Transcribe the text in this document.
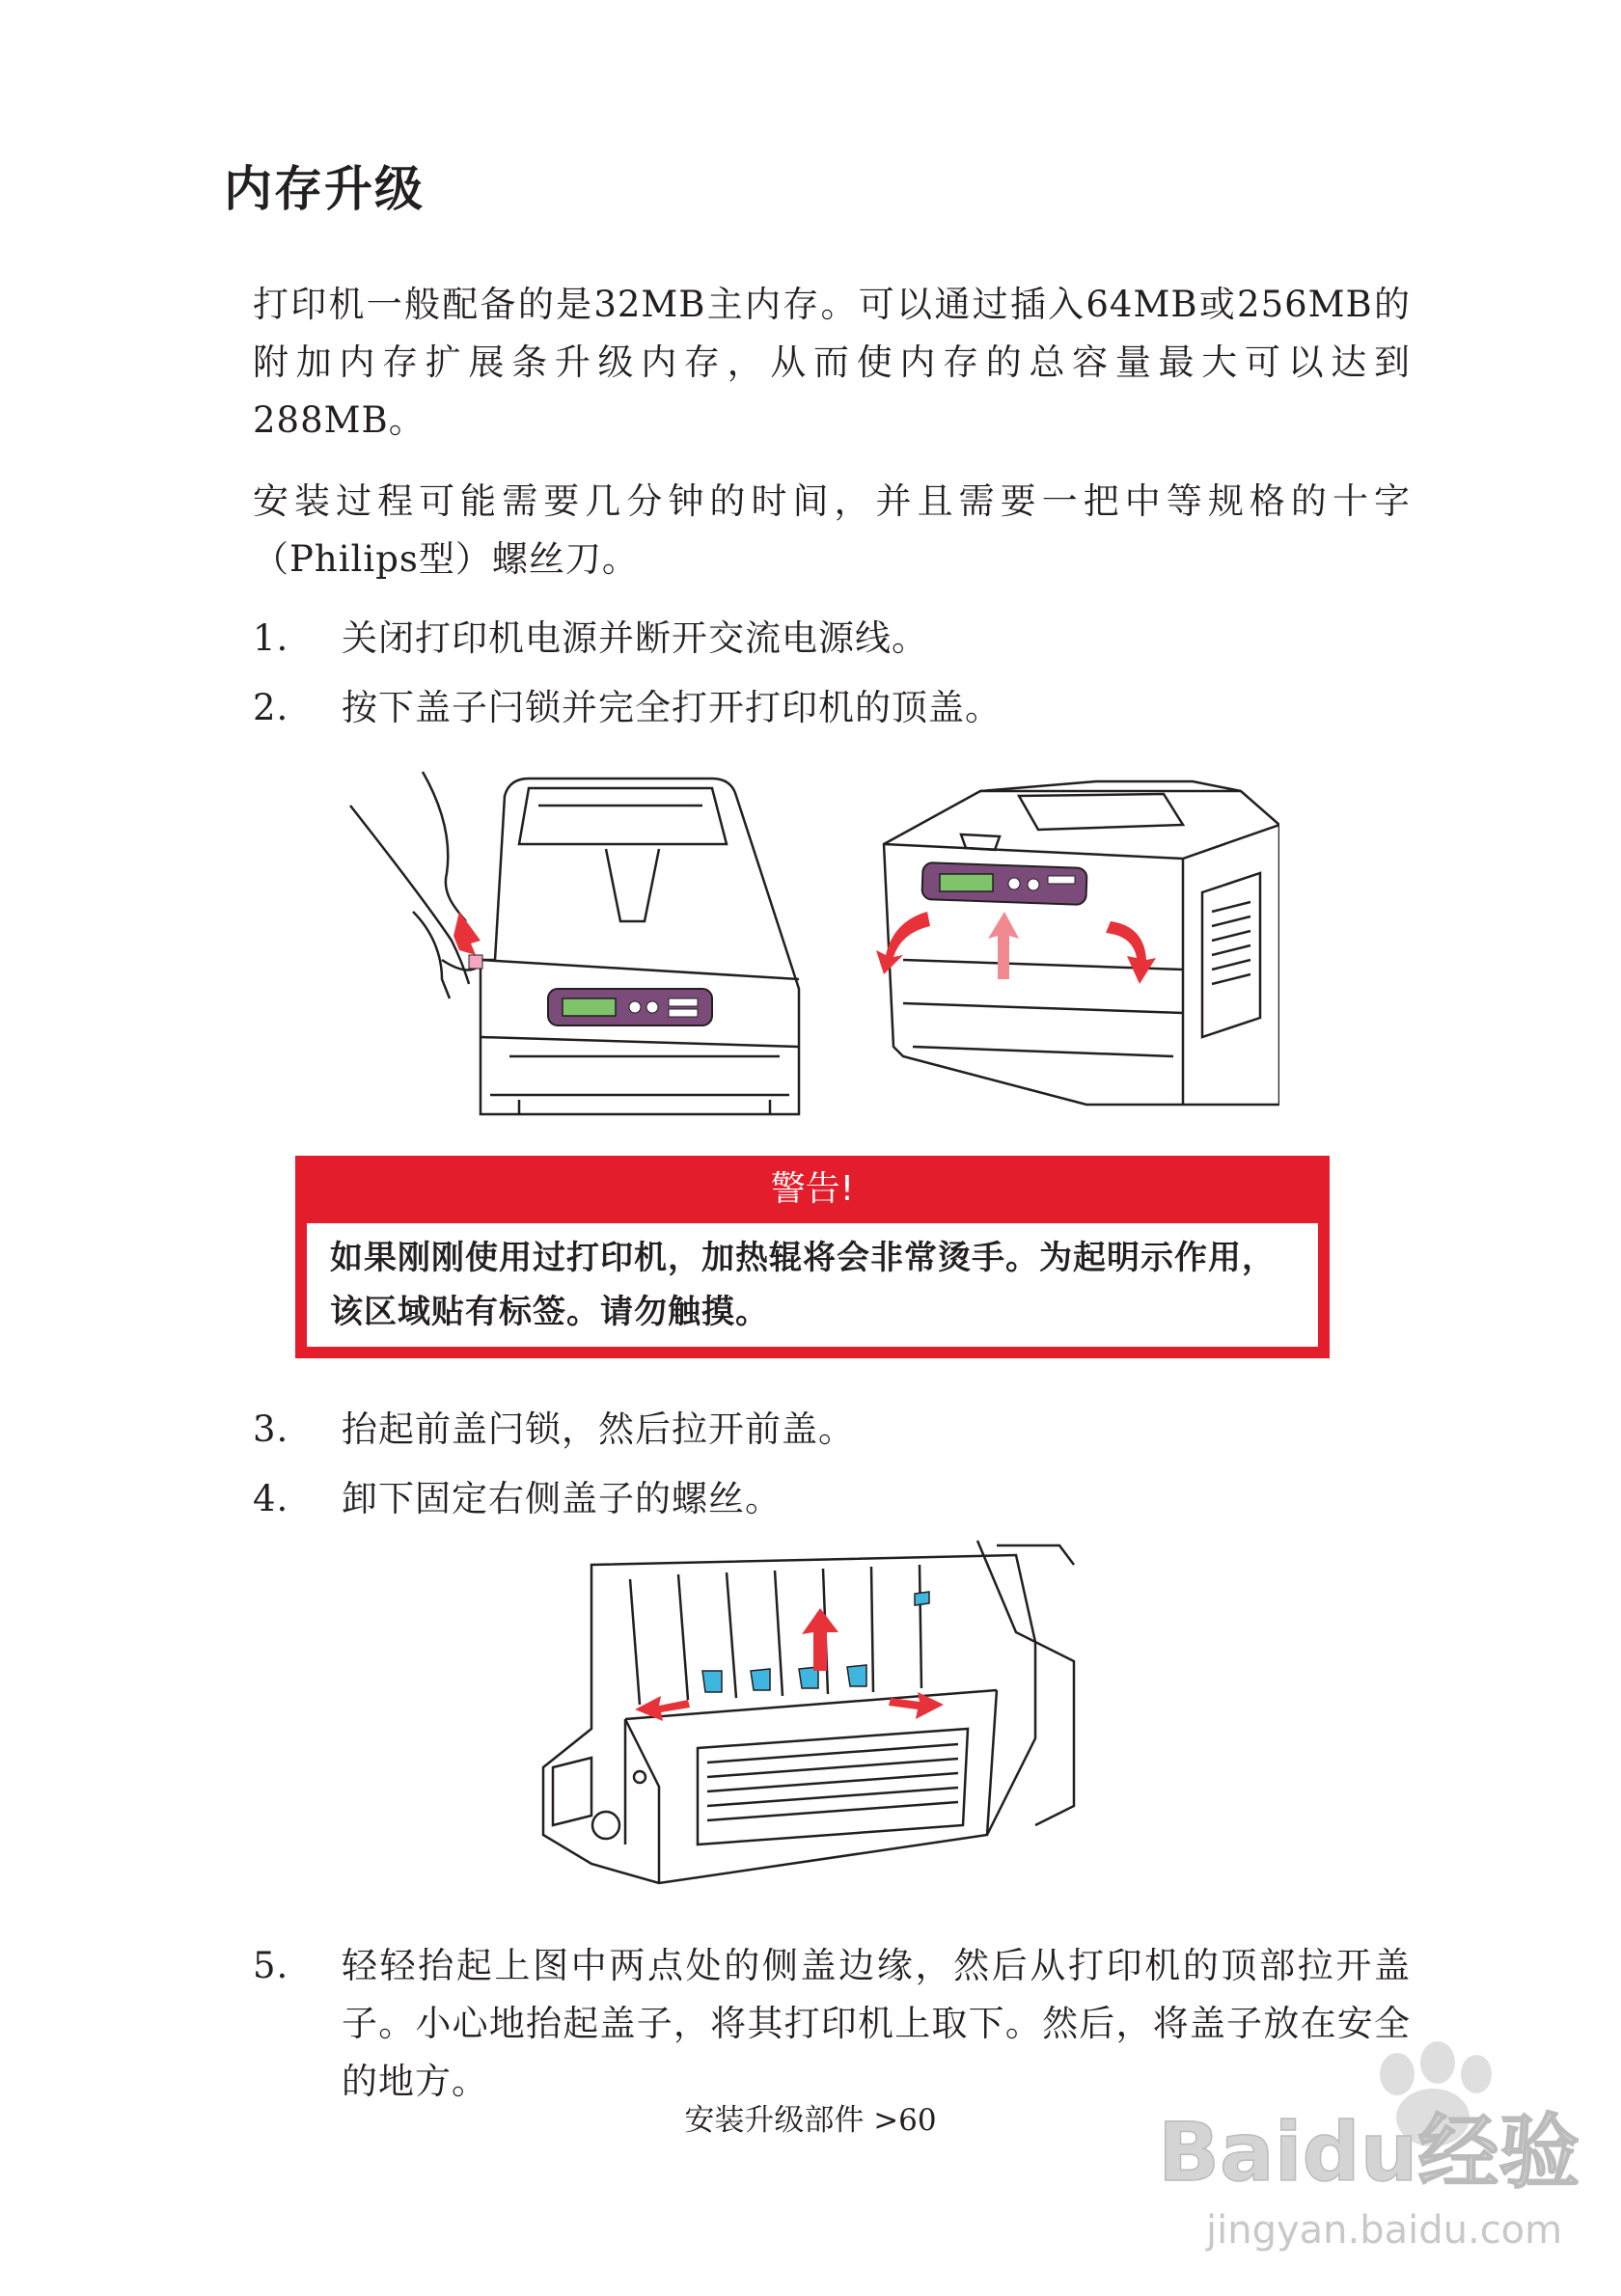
内存升级

打印机一般配备的是32MB主内存。可以通过插入64MB或256MB的附加内存扩展条升级内存，从而使内存的总容量最大可以达到288MB。

安装过程可能需要几分钟的时间，并且需要一把中等规格的十字（Philips型）螺丝刀。

1.	关闭打印机电源并断开交流电源线。
2.	按下盖子闩锁并完全打开打印机的顶盖。
警告!
如果刚刚使用过打印机，加热辊将会非常烫手。为起明示作用，该区域贴有标签。请勿触摸。
3.	抬起前盖闩锁，然后拉开前盖。
4.	卸下固定右侧盖子的螺丝。
5.	轻轻抬起上图中两点处的侧盖边缘，然后从打印机的顶部拉开盖子。小心地抬起盖子，将其打印机上取下。然后，将盖子放在安全的地方。
安装升级部件 >60	Baidu经验
jingyan.baidu.com
